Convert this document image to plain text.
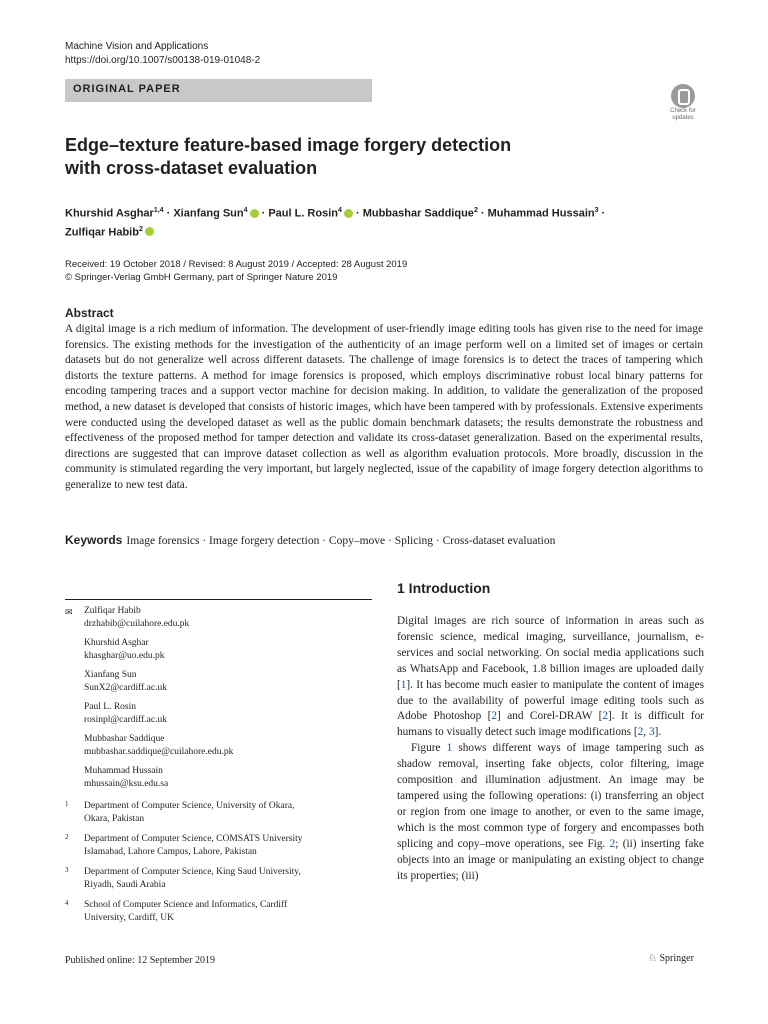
Machine Vision and Applications
https://doi.org/10.1007/s00138-019-01048-2
ORIGINAL PAPER
Check for
updates
Edge–texture feature-based image forgery detection
with cross-dataset evaluation
Khurshid Asghar$^{1,4}$ · Xianfang Sun$^4$ · Paul L. Rosin$^4$ · Mubbashar Saddique$^2$ · Muhammad Hussain$^3$ ·
Zulfiqar Habib$^2$
Received: 19 October 2018 / Revised: 8 August 2019 / Accepted: 28 August 2019
© Springer-Verlag GmbH Germany, part of Springer Nature 2019
Abstract
A digital image is a rich medium of information. The development of user-friendly image editing tools has given rise to the need for image forensics. The existing methods for the investigation of the authenticity of an image perform well on a limited set of images or certain datasets but do not generalize well across different datasets. The challenge of image forensics is to detect the traces of tampering which distorts the texture patterns. A method for image forensics is proposed, which employs discriminative robust local binary patterns for encoding tampering traces and a support vector machine for decision making. In addition, to validate the generalization of the proposed method, a new dataset is developed that consists of historic images, which have been tampered with by professionals. Extensive experiments were conducted using the developed dataset as well as the public domain benchmark datasets; the results demonstrate the robustness and effectiveness of the proposed method for tamper detection and validate its cross-dataset generalization. Based on the experimental results, directions are suggested that can improve dataset collection as well as algorithm evaluation protocols. More broadly, discussion in the community is stimulated regarding the very important, but largely neglected, issue of the capability of image forgery detection algorithms to generalize to new test data.
Keywords Image forensics · Image forgery detection · Copy–move · Splicing · Cross-dataset evaluation
✉ Zulfiqar Habib
drzhabib@cuilahore.edu.pk
Khurshid Asghar
khasghar@uo.edu.pk
Xianfang Sun
SunX2@cardiff.ac.uk
Paul L. Rosin
rosinpl@cardiff.ac.uk
Mubbashar Saddique
mubbashar.saddique@cuilahore.edu.pk
Muhammad Hussain
mhussain@ksu.edu.sa
1 Department of Computer Science, University of Okara,
Okara, Pakistan
2 Department of Computer Science, COMSATS University
Islamabad, Lahore Campus, Lahore, Pakistan
3 Department of Computer Science, King Saud University,
Riyadh, Saudi Arabia
4 School of Computer Science and Informatics, Cardiff
University, Cardiff, UK
1 Introduction

Digital images are rich source of information in areas such as forensic science, medical imaging, surveillance, journalism, e-services and social networking. On social media applications such as WhatsApp and Facebook, 1.8 billion images are uploaded daily [1]. It has become much easier to manipulate the content of images due to the availability of powerful image editing tools such as Adobe Photoshop [2] and Corel-DRAW [2]. It is difficult for humans to visually detect such image modifications [2, 3].

Figure 1 shows different ways of image tampering such as shadow removal, inserting fake objects, color filtering, image composition and illumination adjustment. An image may be tampered using the following operations: (i) transferring an object or region from one image to another, or even to the same image, which is the most common type of forgery and encompasses both splicing and copy–move operations, see Fig. 2; (ii) inserting fake objects into an image or manipulating an existing object to change its properties; (iii)

Published online: 12 September 2019	♘ Springer
